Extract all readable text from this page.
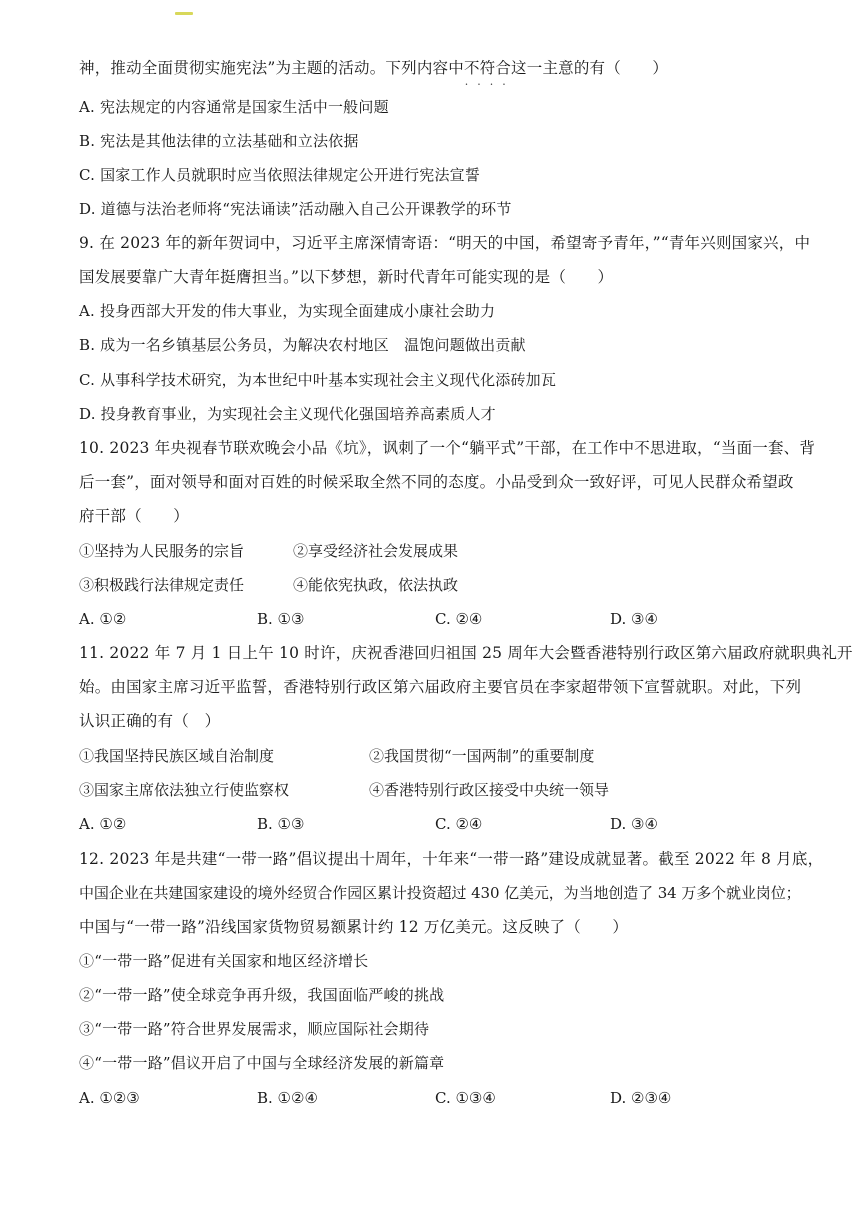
神，推动全面贯彻实施宪法”为主题的活动。下列内容中不符合 • • • •这一主意的有（　　）
A. 宪法规定的内容通常是国家生活中一般问题
B. 宪法是其他法律的立法基础和立法依据
C. 国家工作人员就职时应当依照法律规定公开进行宪法宣誓
D. 道德与法治老师将“宪法诵读”活动融入自己公开课教学的环节
9. 在 2023 年的新年贺词中，习近平主席深情寄语：“明天的中国，希望寄予青年，”“青年兴则国家兴，中
国发展要靠广大青年挺膺担当。”以下梦想，新时代青年可能实现的是（　　）
A. 投身西部大开发的伟大事业，为实现全面建成小康社会助力
B. 成为一名乡镇基层公务员，为解决农村地区　温饱问题做出贡献
C. 从事科学技术研究，为本世纪中叶基本实现社会主义现代化添砖加瓦
D. 投身教育事业，为实现社会主义现代化强国培养高素质人才
10. 2023 年央视春节联欢晚会小品《坑》，讽刺了一个“躺平式”干部，在工作中不思进取，“当面一套、背
后一套”，面对领导和面对百姓的时候采取全然不同的态度。小品受到众一致好评，可见人民群众希望政
府干部（　　）
①坚持为人民服务的宗旨	②享受经济社会发展成果
③积极践行法律规定责任	④能依宪执政，依法执政
A. ①②	B. ①③	C. ②④	D. ③④
11. 2022 年 7 月 1 日上午 10 时许，庆祝香港回归祖国 25 周年大会暨香港特别行政区第六届政府就职典礼开
始。由国家主席习近平监誓，香港特别行政区第六届政府主要官员在李家超带领下宣誓就职。对此，下列
认识正确的有（　）
①我国坚持民族区域自治制度	②我国贯彻“一国两制”的重要制度
③国家主席依法独立行使监察权	④香港特别行政区接受中央统一领导
A. ①②	B. ①③	C. ②④	D. ③④
12. 2023 年是共建“一带一路”倡议提出十周年，十年来“一带一路”建设成就显著。截至 2022 年 8 月底，
中国企业在共建国家建设的境外经贸合作园区累计投资超过 430 亿美元，为当地创造了 34 万多个就业岗位；
中国与“一带一路”沿线国家货物贸易额累计约 12 万亿美元。这反映了（　　）
①“一带一路”促进有关国家和地区经济增长
②“一带一路”使全球竞争再升级，我国面临严峻的挑战
③“一带一路”符合世界发展需求，顺应国际社会期待
④“一带一路”倡议开启了中国与全球经济发展的新篇章
A. ①②③	B. ①②④	C. ①③④	D. ②③④
